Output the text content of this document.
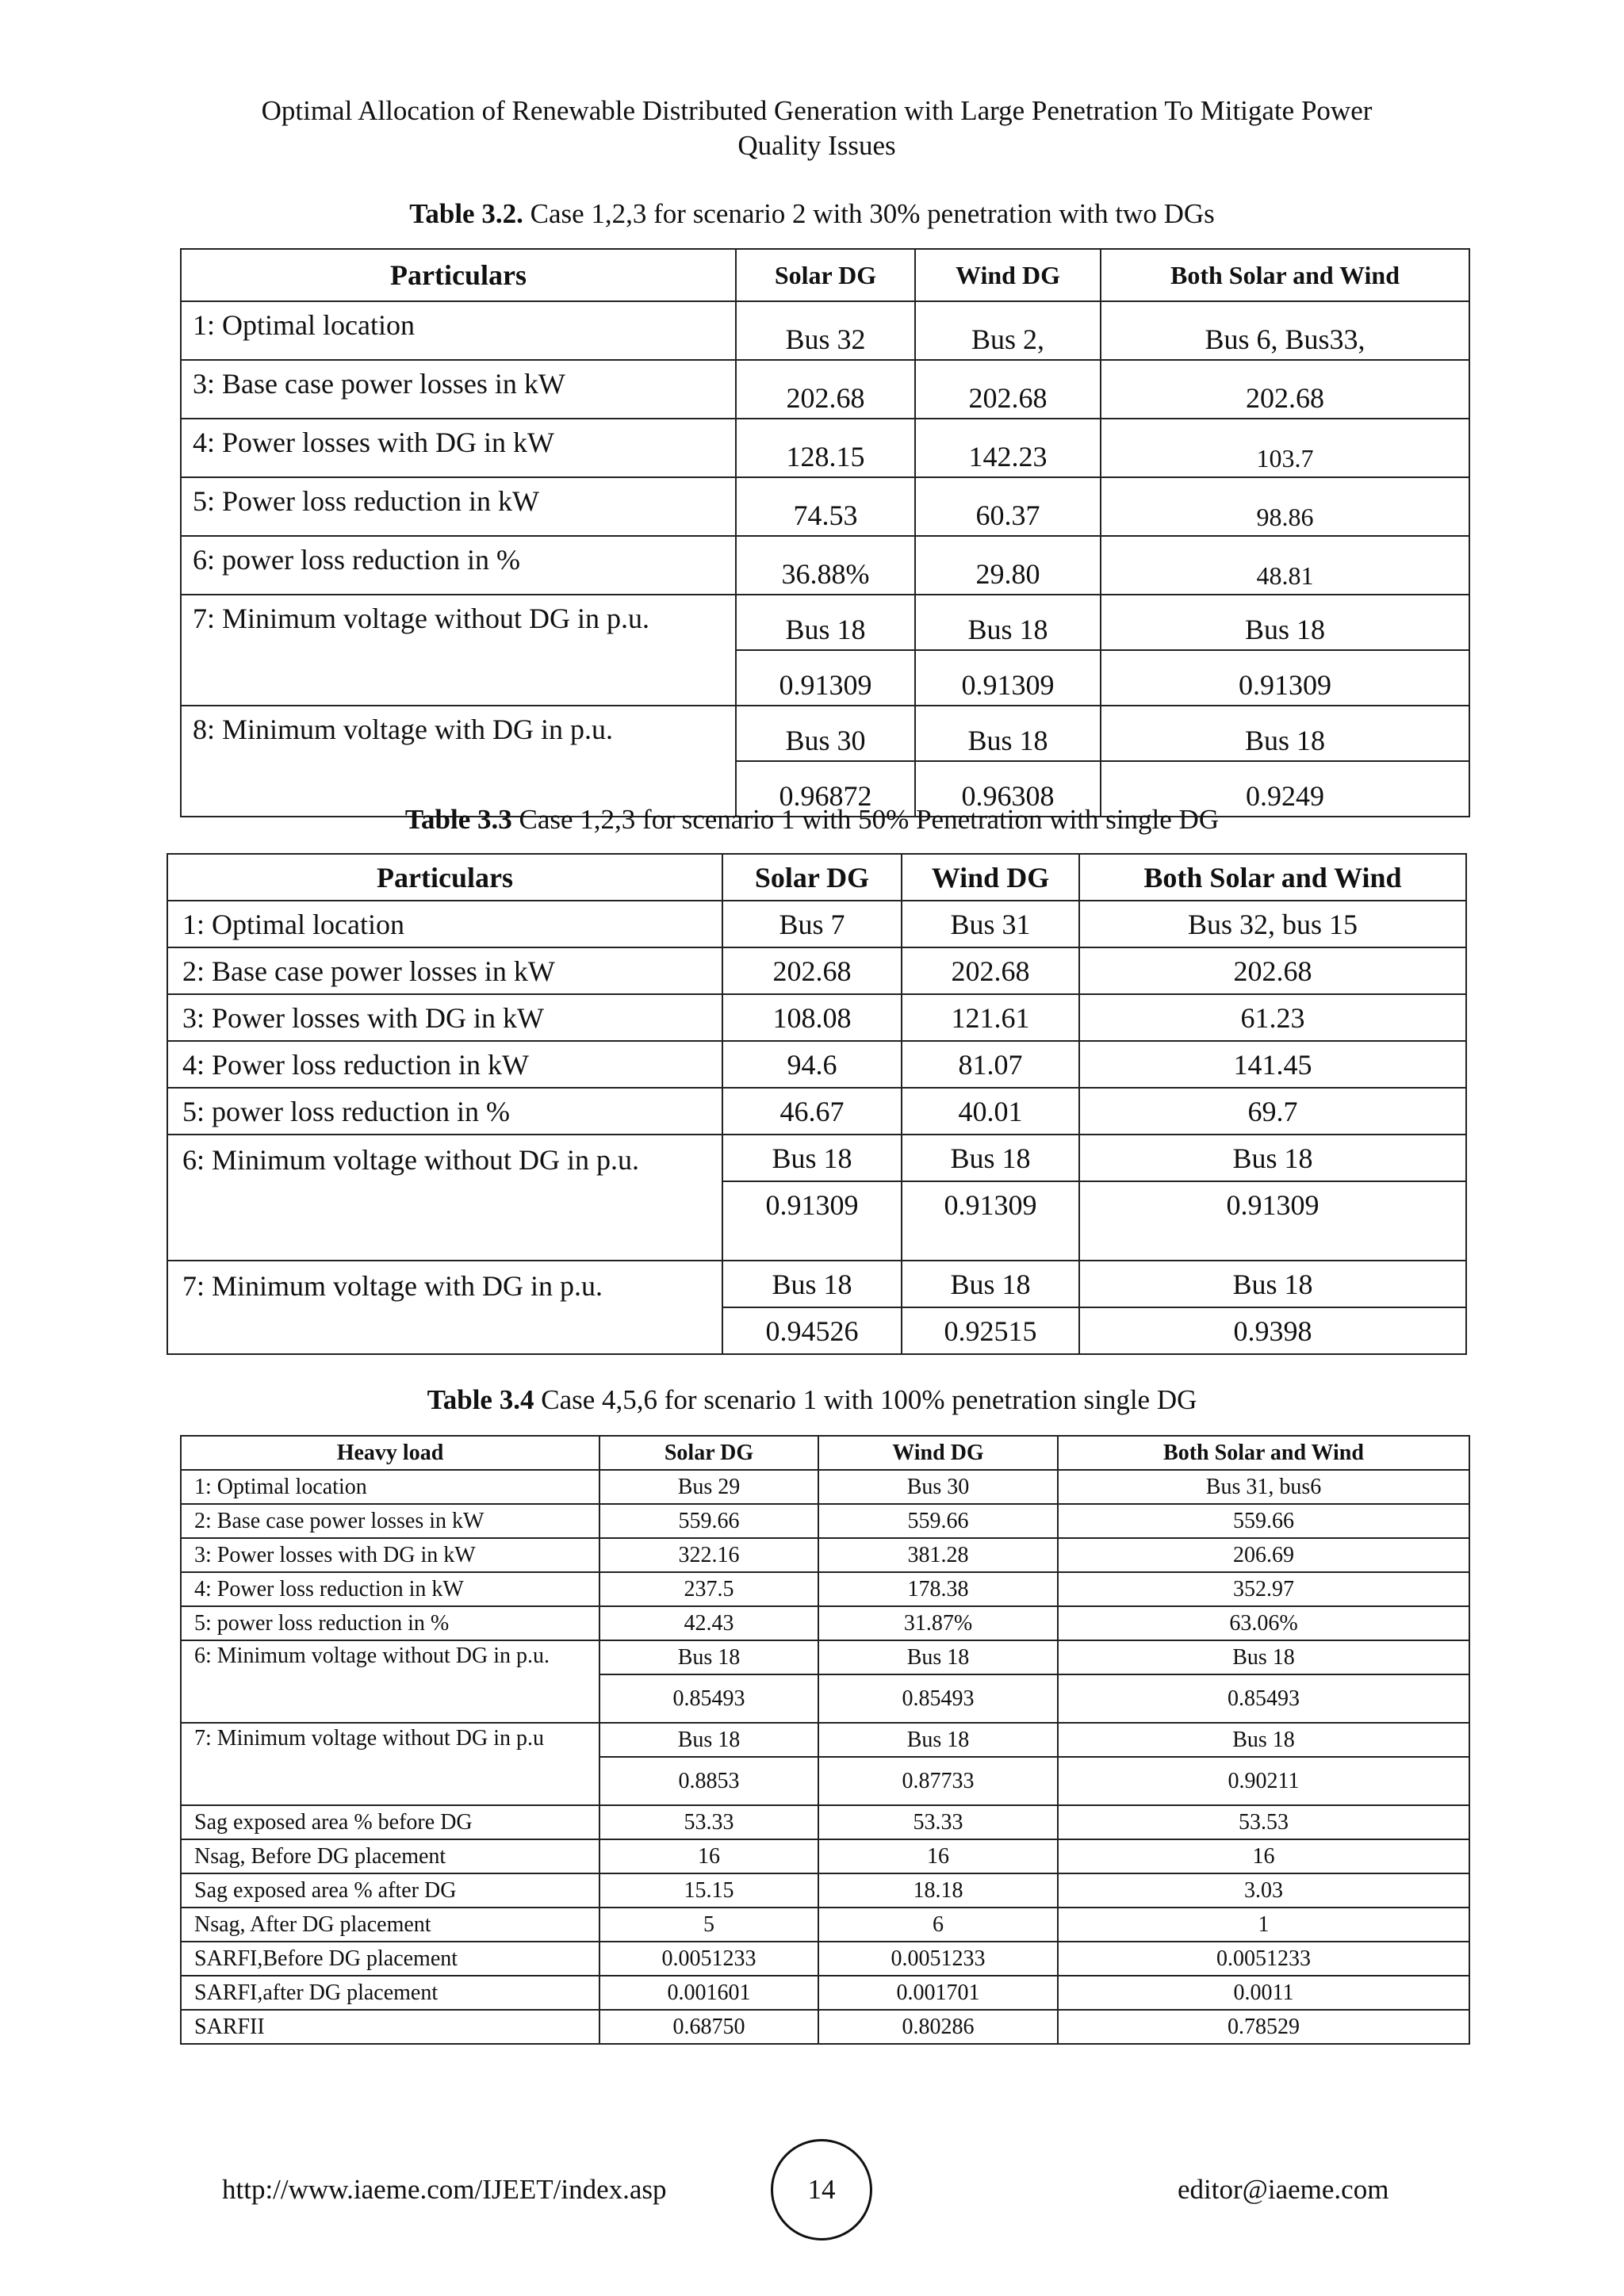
Optimal Allocation of Renewable Distributed Generation with Large Penetration To Mitigate Power
Quality Issues
Table 3.2. Case 1,2,3 for scenario 2 with 30% penetration with two DGs
Particulars	Solar DG	Wind DG	Both Solar and Wind
1: Optimal location	Bus 32	Bus 2,	Bus 6, Bus33,
3: Base case power losses in kW	202.68	202.68	202.68
4: Power losses with DG in kW	128.15	142.23	103.7
5: Power loss reduction in kW	74.53	60.37	98.86
6: power loss reduction in %	36.88%	29.80	48.81
7: Minimum voltage without DG in p.u.	Bus 18	Bus 18	Bus 18
	0.91309	0.91309	0.91309
8: Minimum voltage with DG in p.u.	Bus 30	Bus 18	Bus 18
	0.96872	0.96308	0.9249
Table 3.3 Case 1,2,3 for scenario 1 with 50% Penetration with single DG
Particulars	Solar DG	Wind DG	Both Solar and Wind
1: Optimal location	Bus 7	Bus 31	Bus 32, bus 15
2: Base case power losses in kW	202.68	202.68	202.68
3: Power losses with DG in kW	108.08	121.61	61.23
4: Power loss reduction in kW	94.6	81.07	141.45
5: power loss reduction in %	46.67	40.01	69.7
6: Minimum voltage without DG in p.u.	Bus 18	Bus 18	Bus 18
	0.91309	0.91309	0.91309
7: Minimum voltage with DG in p.u.	Bus 18	Bus 18	Bus 18
	0.94526	0.92515	0.9398
Table 3.4 Case 4,5,6 for scenario 1 with 100% penetration single DG
Heavy load	Solar DG	Wind DG	Both Solar and Wind
1: Optimal location	Bus 29	Bus 30	Bus 31, bus6
2: Base case power losses in kW	559.66	559.66	559.66
3: Power losses with DG in kW	322.16	381.28	206.69
4: Power loss reduction in kW	237.5	178.38	352.97
5: power loss reduction in %	42.43	31.87%	63.06%
6: Minimum voltage without DG in p.u.	Bus 18	Bus 18	Bus 18
	0.85493	0.85493	0.85493
7: Minimum voltage without DG in p.u	Bus 18	Bus 18	Bus 18
	0.8853	0.87733	0.90211
Sag exposed area % before DG	53.33	53.33	53.53
Nsag, Before DG placement	16	16	16
Sag exposed area % after DG	15.15	18.18	3.03
Nsag, After DG placement	5	6	1
SARFI,Before DG placement	0.0051233	0.0051233	0.0051233
SARFI,after DG placement	0.001601	0.001701	0.0011
SARFII	0.68750	0.80286	0.78529
http://www.iaeme.com/IJEET/index.asp	14	editor@iaeme.com
